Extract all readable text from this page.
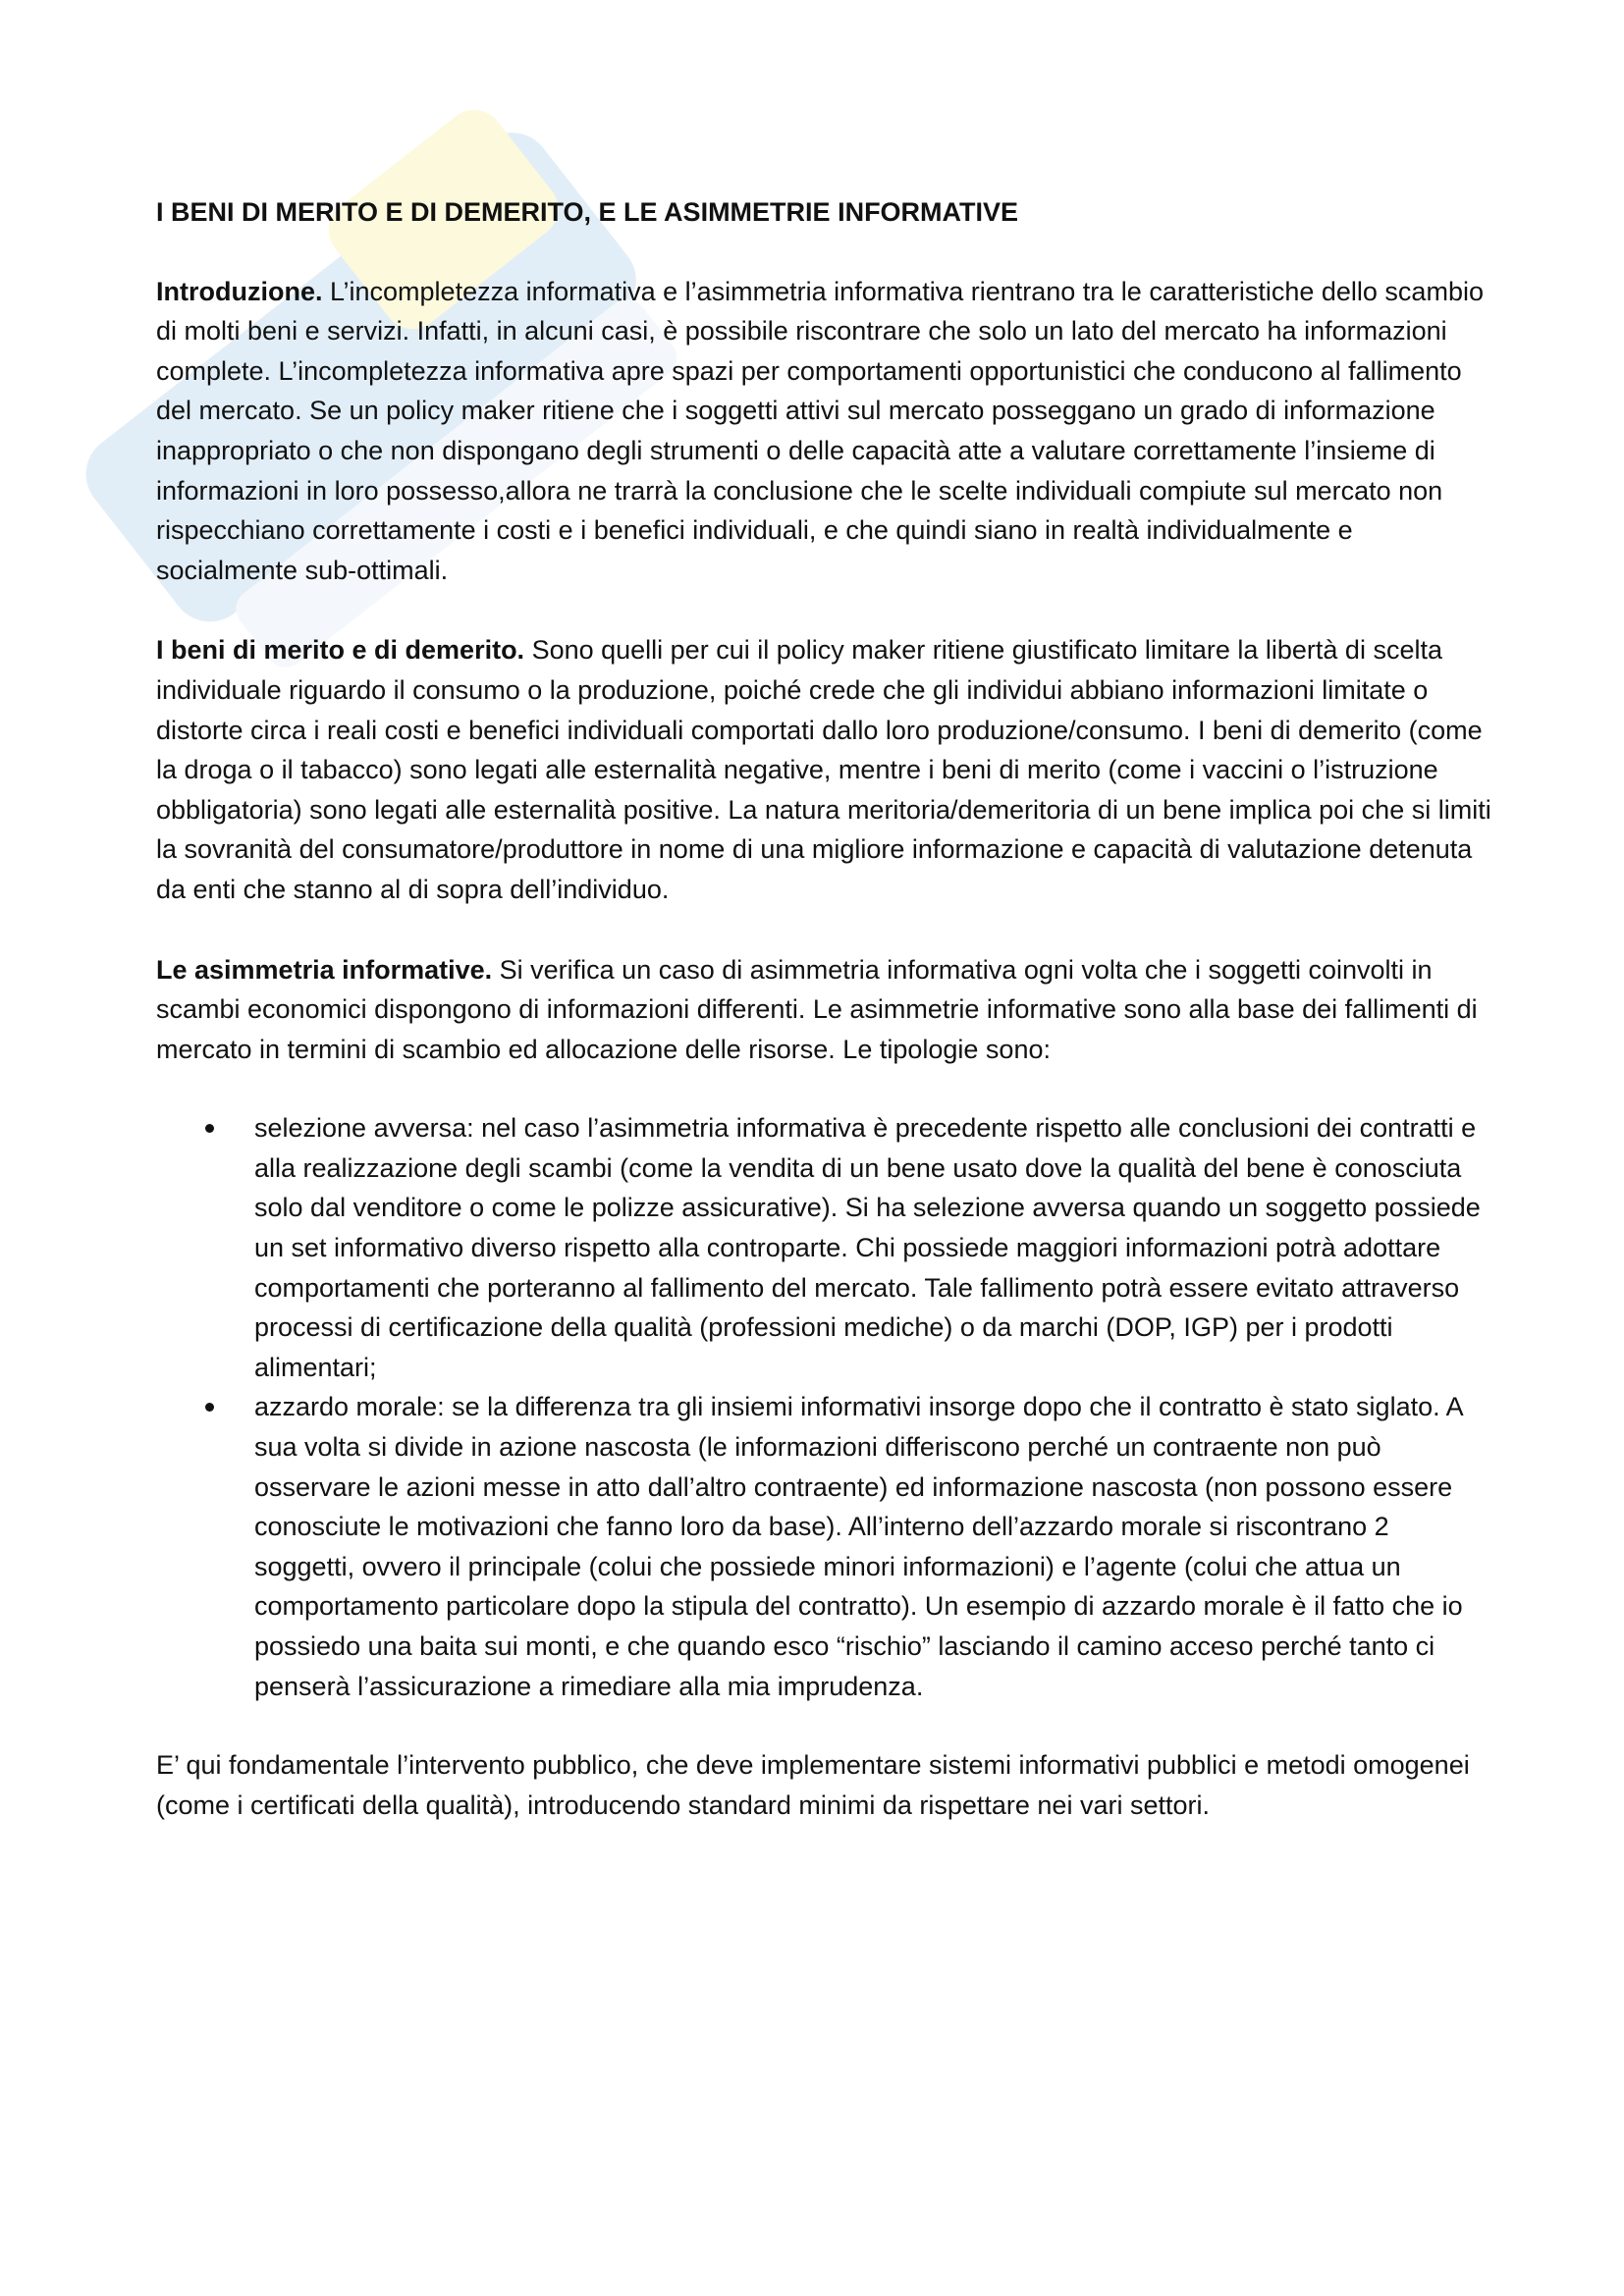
I BENI DI MERITO E DI DEMERITO, E LE ASIMMETRIE INFORMATIVE

Introduzione. L’incompletezza informativa e l’asimmetria informativa rientrano tra le caratteristiche dello scambio di molti beni e servizi. Infatti, in alcuni casi, è possibile riscontrare che solo un lato del mercato ha informazioni complete. L’incompletezza informativa apre spazi per comportamenti opportunistici che conducono al fallimento del mercato. Se un policy maker ritiene che i soggetti attivi sul mercato posseggano un grado di informazione inappropriato o che non dispongano degli strumenti o delle capacità atte a valutare correttamente l’insieme di informazioni in loro possesso,allora ne trarrà la conclusione che le scelte individuali compiute sul mercato non rispecchiano correttamente i costi e i benefici individuali, e che quindi siano in realtà individualmente e socialmente sub-ottimali.

I beni di merito e di demerito. Sono quelli per cui il policy maker ritiene giustificato limitare la libertà di scelta individuale riguardo il consumo o la produzione, poiché crede che gli individui abbiano informazioni limitate o distorte circa i reali costi e benefici individuali comportati dallo loro produzione/consumo. I beni di demerito (come la droga o il tabacco) sono legati alle esternalità negative, mentre i beni di merito (come i vaccini o l’istruzione obbligatoria) sono legati alle esternalità positive. La natura meritoria/demeritoria di un bene implica poi che si limiti la sovranità del consumatore/produttore in nome di una migliore informazione e capacità di valutazione detenuta da enti che stanno al di sopra dell’individuo.

Le asimmetria informative. Si verifica un caso di asimmetria informativa ogni volta che i soggetti coinvolti in scambi economici dispongono di informazioni differenti. Le asimmetrie informative sono alla base dei fallimenti di mercato in termini di scambio ed allocazione delle risorse. Le tipologie sono:

selezione avversa: nel caso l’asimmetria informativa è precedente rispetto alle conclusioni dei contratti e alla realizzazione degli scambi (come la vendita di un bene usato dove la qualità del bene è conosciuta solo dal venditore o come le polizze assicurative). Si ha selezione avversa quando un soggetto possiede un set informativo diverso rispetto alla controparte. Chi possiede maggiori informazioni potrà adottare comportamenti che porteranno al fallimento del mercato. Tale fallimento potrà essere evitato attraverso processi di certificazione della qualità (professioni mediche) o da marchi (DOP, IGP) per i prodotti alimentari;
azzardo morale: se la differenza tra gli insiemi informativi insorge dopo che il contratto è stato siglato. A sua volta si divide in azione nascosta (le informazioni differiscono perché un contraente non può osservare le azioni messe in atto dall’altro contraente) ed informazione nascosta (non possono essere conosciute le motivazioni che fanno loro da base). All’interno dell’azzardo morale si riscontrano 2 soggetti, ovvero il principale (colui che possiede minori informazioni) e l’agente (colui che attua un comportamento particolare dopo la stipula del contratto). Un esempio di azzardo morale è il fatto che io possiedo una baita sui monti, e che quando esco “rischio” lasciando il camino acceso perché tanto ci penserà l’assicurazione a rimediare alla mia imprudenza.

E’ qui fondamentale l’intervento pubblico, che deve implementare sistemi informativi pubblici e metodi omogenei (come i certificati della qualità), introducendo standard minimi da rispettare nei vari settori.
